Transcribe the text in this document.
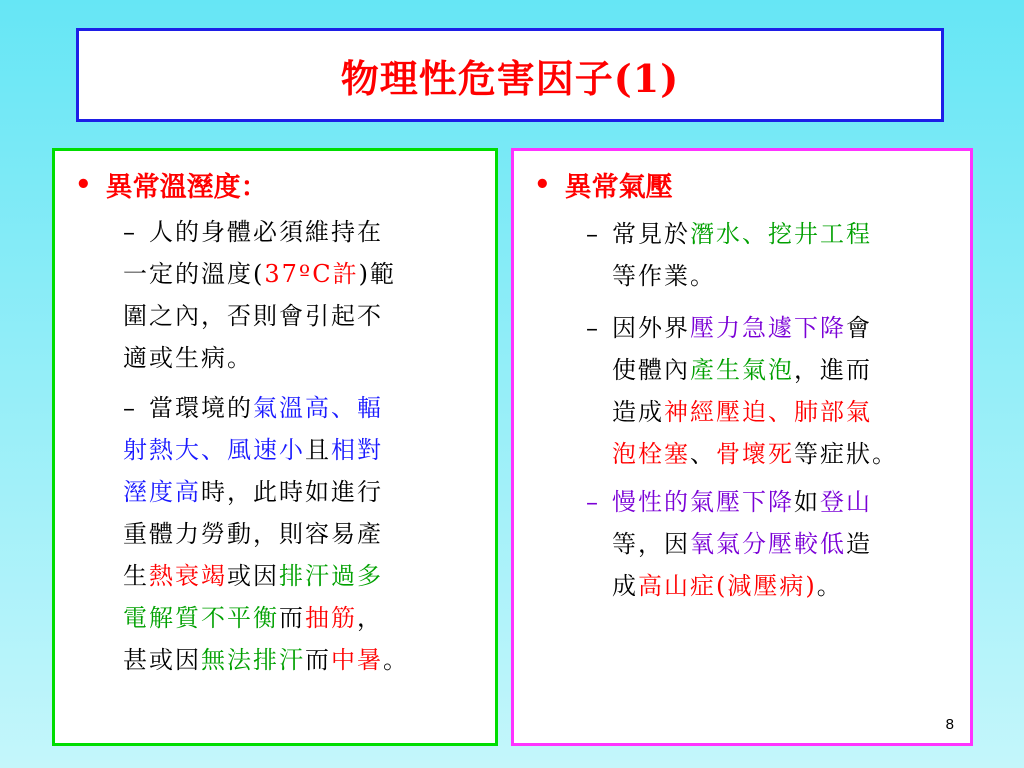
物理性危害因子(1)
• 異常溫溼度：
– 人的身體必須維持在
一定的溫度(37ºC許)範
圍之內，否則會引起不
適或生病。
– 當環境的氣溫高、輻
射熱大、風速小且相對
溼度高時，此時如進行
重體力勞動，則容易產
生熱衰竭或因排汗過多
電解質不平衡而抽筋，
甚或因無法排汗而中暑。
• 異常氣壓
– 常見於潛水、挖井工程
等作業。
– 因外界壓力急遽下降會
使體內產生氣泡，進而
造成神經壓迫、肺部氣
泡栓塞、骨壞死等症狀。
– 慢性的氣壓下降如登山
等，因氧氣分壓較低造
成高山症(減壓病)。
8
